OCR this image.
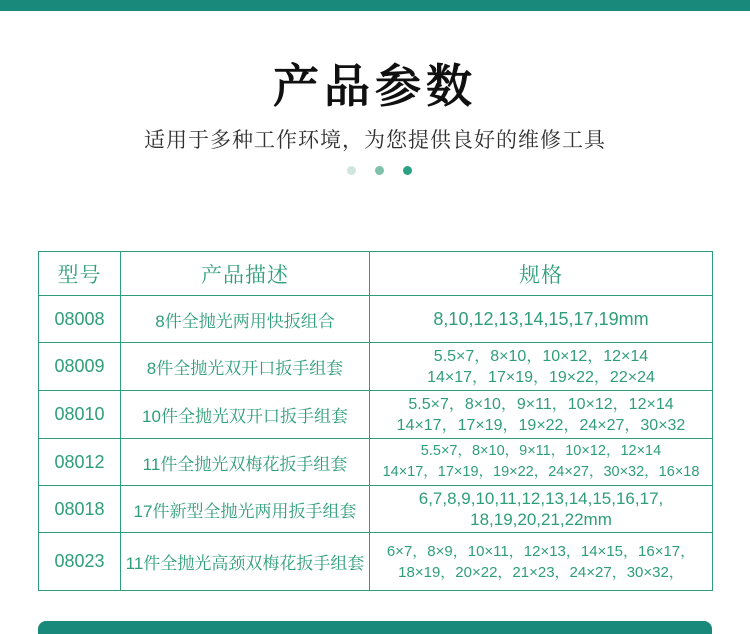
产品参数
适用于多种工作环境，为您提供良好的维修工具
型号	产品描述	规格
08008	8件全抛光两用快扳组合	8,10,12,13,14,15,17,19mm

08009	8件全抛光双开口扳手组套	5.5×7，8×10，10×12，12×14
14×17，17×19，19×22，22×24

08010	10件全抛光双开口扳手组套	5.5×7，8×10，9×11，10×12，12×14
14×17，17×19，19×22，24×27，30×32

08012	11件全抛光双梅花扳手组套	5.5×7，8×10，9×11，10×12，12×14
14×17，17×19，19×22，24×27，30×32，16×18

08018	17件新型全抛光两用扳手组套	6,7,8,9,10,11,12,13,14,15,16,17,
18,19,20,21,22mm

08023	11件全抛光高颈双梅花扳手组套	6×7，8×9，10×11，12×13，14×15，16×17，
18×19，20×22，21×23，24×27，30×32，
